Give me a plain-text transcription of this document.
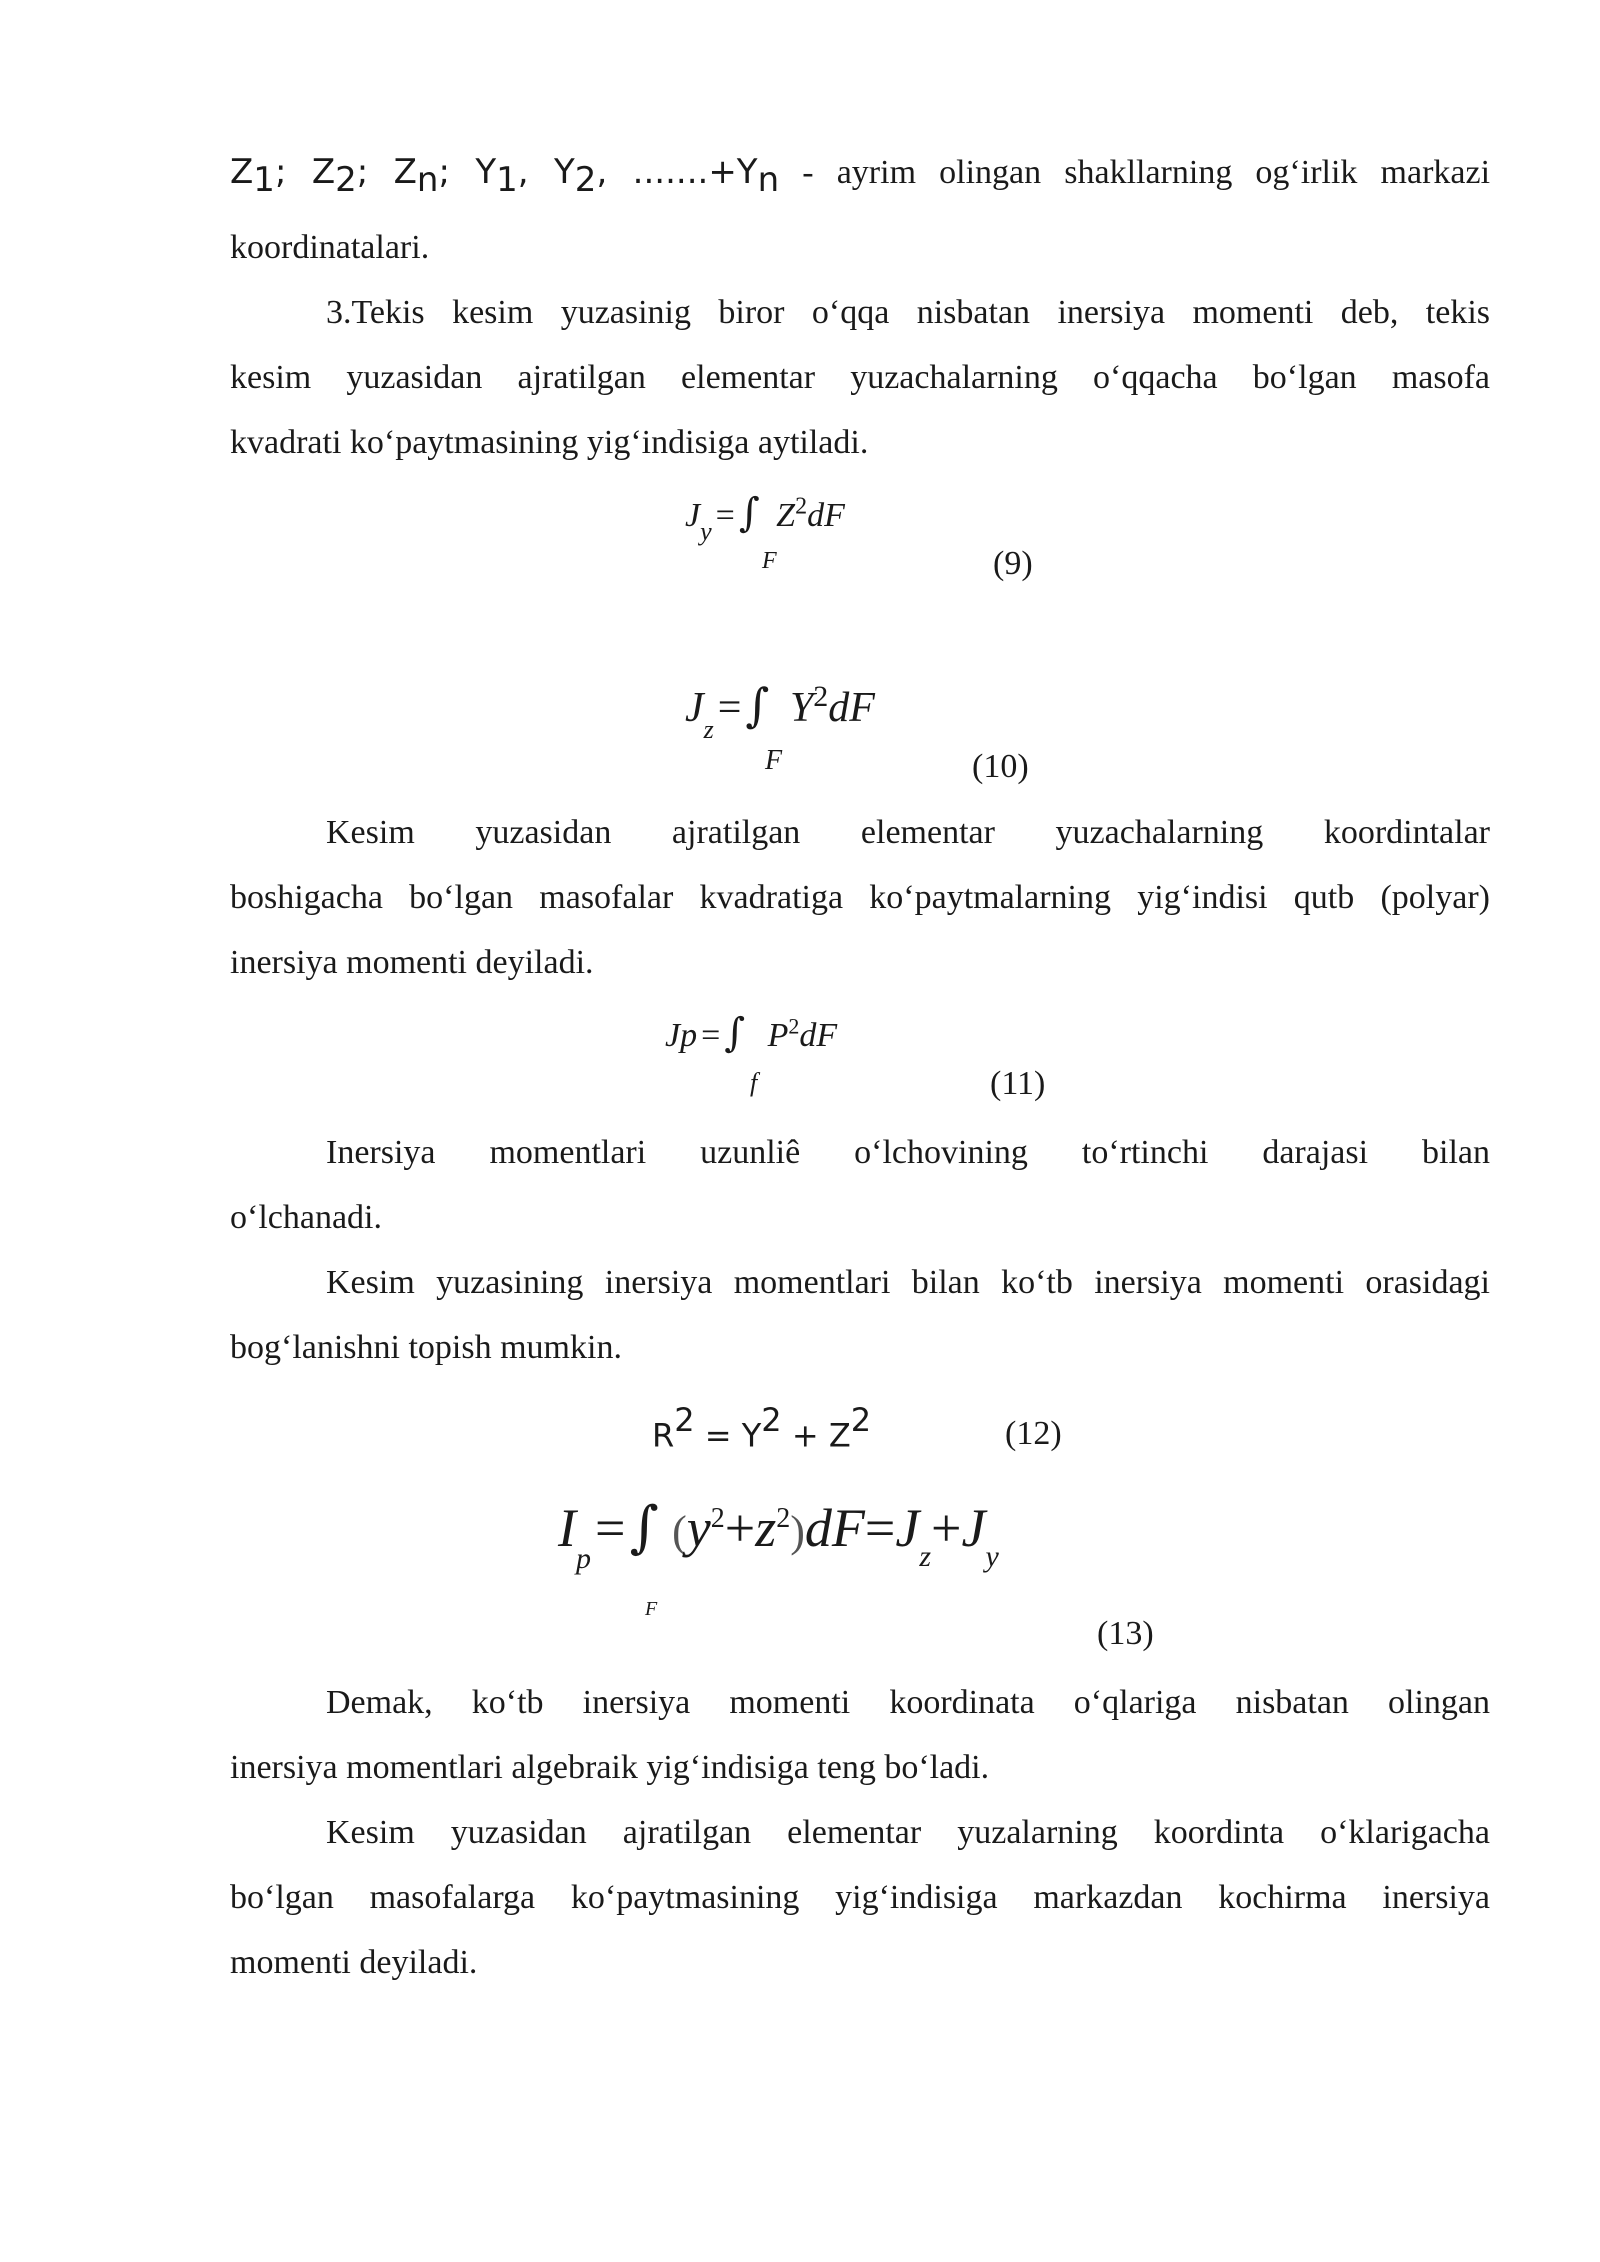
$Z_1$; $Z_2$; $Z_n$; $Y_1$, $Y_2$, $.......+Y_n$ - ayrim olingan shakllarning og‘irlik markazi
koordinatalari.
3.Tekis kesim yuzasinig biror o‘qqa nisbatan inersiya momenti deb, tekis
kesim yuzasidan ajratilgan elementar yuzachalarning o‘qqacha bo‘lgan masofa
kvadrati ko‘paytmasining yig‘indisiga aytiladi.
$J_y$ = ∫ $Z^2dF$
F	(9)
$J_z=\int$ $Y^2dF$
F	(10)
Kesim yuzasidan ajratilgan elementar yuzachalarning koordintalar
boshigacha bo‘lgan masofalar kvadratiga ko‘paytmalarning yig‘indisi qutb (polyar)
inersiya momenti deyiladi.
Jp = ∫ $P^2dF$
f	(11)
Inersiya momentlari uzunliê o‘lchovining to‘rtinchi darajasi bilan
o‘lchanadi.
Kesim yuzasining inersiya momentlari bilan ko‘tb inersiya momenti orasidagi
bog‘lanishni topish mumkin.
$R^2 = Y^2 + Z^2$	(12)
$I_p=\int$ $(y^2+z^2)dF=J_z+J_y$
F
(13)
Demak, ko‘tb inersiya momenti koordinata o‘qlariga nisbatan olingan
inersiya momentlari algebraik yig‘indisiga teng bo‘ladi.
Kesim yuzasidan ajratilgan elementar yuzalarning koordinta o‘klarigacha
bo‘lgan masofalarga ko‘paytmasining yig‘indisiga markazdan kochirma inersiya
momenti deyiladi.
